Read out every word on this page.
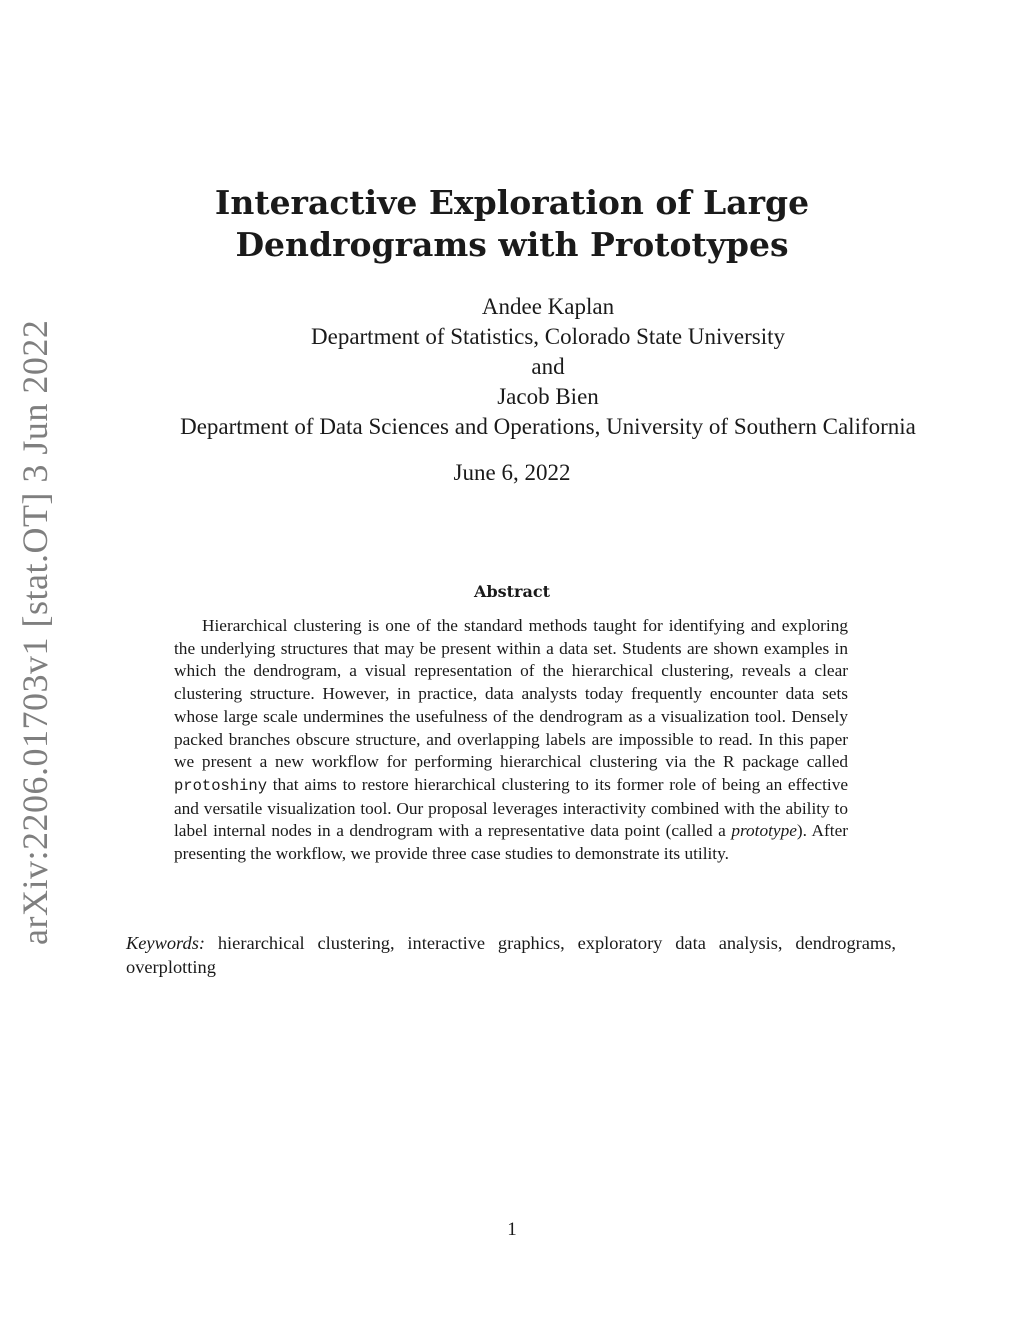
arXiv:2206.01703v1 [stat.OT] 3 Jun 2022
Interactive Exploration of Large
Dendrograms with Prototypes
Andee Kaplan
Department of Statistics, Colorado State University
and
Jacob Bien
Department of Data Sciences and Operations, University of Southern California
June 6, 2022
Abstract

Hierarchical clustering is one of the standard methods taught for identifying and exploring the underlying structures that may be present within a data set. Students are shown examples in which the dendrogram, a visual representation of the hierarchical clustering, reveals a clear clustering structure. However, in practice, data analysts today frequently encounter data sets whose large scale undermines the usefulness of the dendrogram as a visualization tool. Densely packed branches obscure structure, and overlapping labels are impossible to read. In this paper we present a new workflow for performing hierarchical clustering via the R package called protoshiny that aims to restore hierarchical clustering to its former role of being an effective and versatile visualization tool. Our proposal leverages interactivity combined with the ability to label internal nodes in a dendrogram with a representative data point (called a prototype). After presenting the workflow, we provide three case studies to demonstrate its utility.

Keywords: hierarchical clustering, interactive graphics, exploratory data analysis, dendrograms, overplotting

1
